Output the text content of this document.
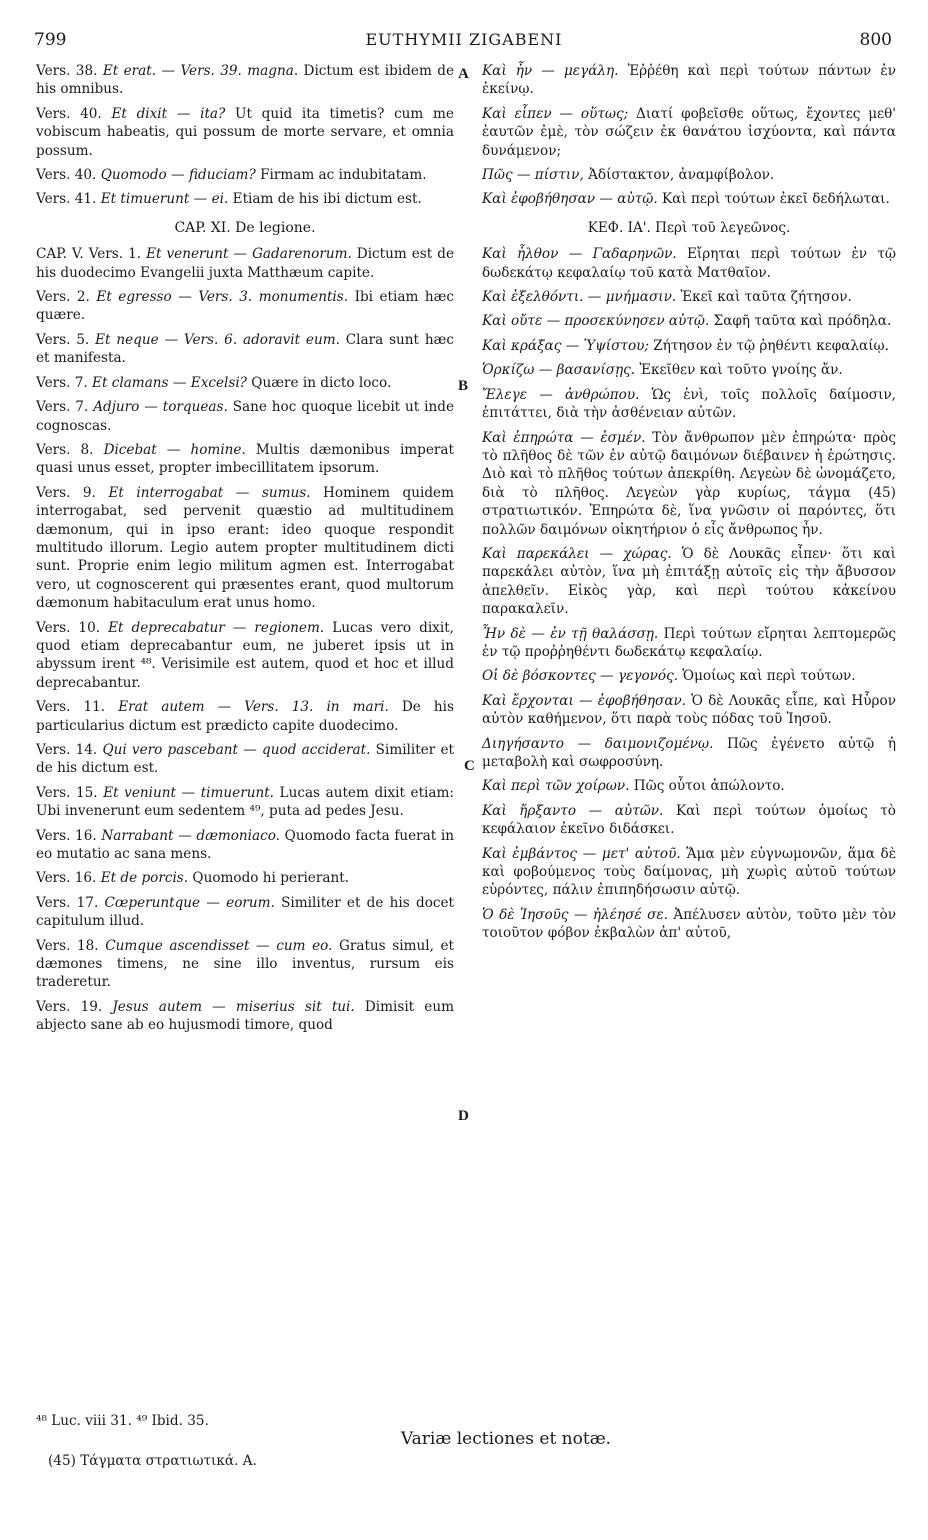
799	EUTHYMII ZIGABENI	800
Vers. 38. Et erat. — Vers. 39. magna. Dictum est ibidem de his omnibus.
Vers. 40. Et dixit — ita? Ut quid ita timetis? cum me vobiscum habeatis, qui possum de morte servare, et omnia possum.
Vers. 40. Quomodo — fiduciam? Firmam ac indubitatam.
Vers. 41. Et timuerunt — ei. Etiam de his ibi dictum est.
CAP. XI. De legione.
CAP. V. Vers. 1. Et venerunt — Gadarenorum. Dictum est de his duodecimo Evangelii juxta Matthæum capite.
Vers. 2. Et egresso — Vers. 3. monumentis. Ibi etiam hæc quære.
Vers. 5. Et neque — Vers. 6. adoravit eum. Clara sunt hæc et manifesta.
Vers. 7. Et clamans — Excelsi? Quære in dicto loco.
Vers. 7. Adjuro — torqueas. Sane hoc quoque licebit ut inde cognoscas.
Vers. 8. Dicebat — homine. Multis dæmonibus imperat quasi unus esset, propter imbecillitatem ipsorum.
Vers. 9. Et interrogabat — sumus. Hominem quidem interrogabat, sed pervenit quæstio ad multitudinem dæmonum, qui in ipso erant: ideo quoque respondit multitudo illorum. Legio autem propter multitudinem dicti sunt. Proprie enim legio militum agmen est. Interrogabat vero, ut cognoscerent qui præsentes erant, quod multorum dæmonum habitaculum erat unus homo.
Vers. 10. Et deprecabatur — regionem. Lucas vero dixit, quod etiam deprecabantur eum, ne juberet ipsis ut in abyssum irent ⁴⁸. Verisimile est autem, quod et hoc et illud deprecabantur.
Vers. 11. Erat autem — Vers. 13. in mari. De his particularius dictum est prædicto capite duodecimo.
Vers. 14. Qui vero pascebant — quod acciderat. Similiter et de his dictum est.
Vers. 15. Et veniunt — timuerunt. Lucas autem dixit etiam: Ubi invenerunt eum sedentem ⁴⁹, puta ad pedes Jesu.
Vers. 16. Narrabant — dæmoniaco. Quomodo facta fuerat in eo mutatio ac sana mens.
Vers. 16. Et de porcis. Quomodo hi perierant.
Vers. 17. Cœperuntque — eorum. Similiter et de his docet capitulum illud.
Vers. 18. Cumque ascendisset — cum eo. Gratus simul, et dæmones timens, ne sine illo inventus, rursum eis traderetur.
Vers. 19. Jesus autem — miserius sit tui. Dimisit eum abjecto sane ab eo hujusmodi timore, quod
Καὶ ἦν — μεγάλη. Ἐῤῥέθη καὶ περὶ τούτων πάντων ἐν ἐκείνῳ.
Καὶ εἶπεν — οὕτως; Διατί φοβεῖσθε οὕτως, ἔχοντες μεθ' ἑαυτῶν ἐμὲ, τὸν σώζειν ἐκ θανάτου ἰσχύοντα, καὶ πάντα δυνάμενον;
Πῶς — πίστιν, Ἀδίστακτον, ἀναμφίβολον.
Καὶ ἐφοβήθησαν — αὐτῷ. Καὶ περὶ τούτων ἐκεῖ δεδήλωται.
ΚΕΦ. ΙΑ'. Περὶ τοῦ λεγεῶνος.
Καὶ ἦλθον — Γαδαρηνῶν. Εἴρηται περὶ τούτων ἐν τῷ δωδεκάτῳ κεφαλαίῳ τοῦ κατὰ Ματθαῖον.
Καὶ ἐξελθόντι. — μνήμασιν. Ἐκεῖ καὶ ταῦτα ζήτησον.
Καὶ οὔτε — προσεκύνησεν αὐτῷ. Σαφῆ ταῦτα καὶ πρόδηλα.
Καὶ κράξας — Ὑψίστου; Ζήτησον ἐν τῷ ῥηθέντι κεφαλαίῳ.
Ὁρκίζω — βασανίσῃς. Ἐκεῖθεν καὶ τοῦτο γνοίης ἄν.
Ἔλεγε — ἀνθρώπου. Ὡς ἑνὶ, τοῖς πολλοῖς δαίμοσιν, ἐπιτάττει, διὰ τὴν ἀσθένειαν αὐτῶν.
Καὶ ἐπηρώτα — ἐσμέν. Τὸν ἄνθρωπον μὲν ἐπηρώτα· πρὸς τὸ πλῆθος δὲ τῶν ἐν αὐτῷ δαιμόνων διέβαινεν ἡ ἐρώτησις. Διὸ καὶ τὸ πλῆθος τούτων ἀπεκρίθη. Λεγεὼν δὲ ὠνομάζετο, διὰ τὸ πλῆθος. Λεγεὼν γὰρ κυρίως, τάγμα (45) στρατιωτικόν. Ἐπηρώτα δὲ, ἵνα γνῶσιν οἱ παρόντες, ὅτι πολλῶν δαιμόνων οἰκητήριον ὁ εἷς ἄνθρωπος ἦν.
Καὶ παρεκάλει — χώρας. Ὁ δὲ Λουκᾶς εἶπεν· ὅτι καὶ παρεκάλει αὐτὸν, ἵνα μὴ ἐπιτάξῃ αὐτοῖς εἰς τὴν ἄβυσσον ἀπελθεῖν. Εἰκὸς γὰρ, καὶ περὶ τούτου κἀκείνου παρακαλεῖν.
Ἦν δὲ — ἐν τῇ θαλάσσῃ. Περὶ τούτων εἴρηται λεπτομερῶς ἐν τῷ προῤῥηθέντι δωδεκάτῳ κεφαλαίῳ.
Οἱ δὲ βόσκοντες — γεγονός. Ὁμοίως καὶ περὶ τούτων.
Καὶ ἔρχονται — ἐφοβήθησαν. Ὁ δὲ Λουκᾶς εἶπε, καὶ Ηὗρον αὐτὸν καθήμενον, ὅτι παρὰ τοὺς πόδας τοῦ Ἰησοῦ.
Διηγήσαντο — δαιμονιζομένῳ. Πῶς ἐγένετο αὐτῷ ἡ μεταβολὴ καὶ σωφροσύνη.
Καὶ περὶ τῶν χοίρων. Πῶς οὗτοι ἀπώλοντο.
Καὶ ἤρξαντο — αὐτῶν. Καὶ περὶ τούτων ὁμοίως τὸ κεφάλαιον ἐκεῖνο διδάσκει.
Καὶ ἐμβάντος — μετ' αὐτοῦ. Ἅμα μὲν εὐγνωμονῶν, ἅμα δὲ καὶ φοβούμενος τοὺς δαίμονας, μὴ χωρὶς αὐτοῦ τούτων εὑρόντες, πάλιν ἐπιπηδήσωσιν αὐτῷ.
Ὁ δὲ Ἰησοῦς — ἠλέησέ σε. Ἀπέλυσεν αὐτὸν, τοῦτο μὲν τὸν τοιοῦτον φόβον ἐκβαλὼν ἀπ' αὐτοῦ,
A
B
C
D
⁴⁸ Luc. viii 31. ⁴⁹ Ibid. 35.
Variæ lectiones et notæ.
(45) Τάγματα στρατιωτικά. A.
